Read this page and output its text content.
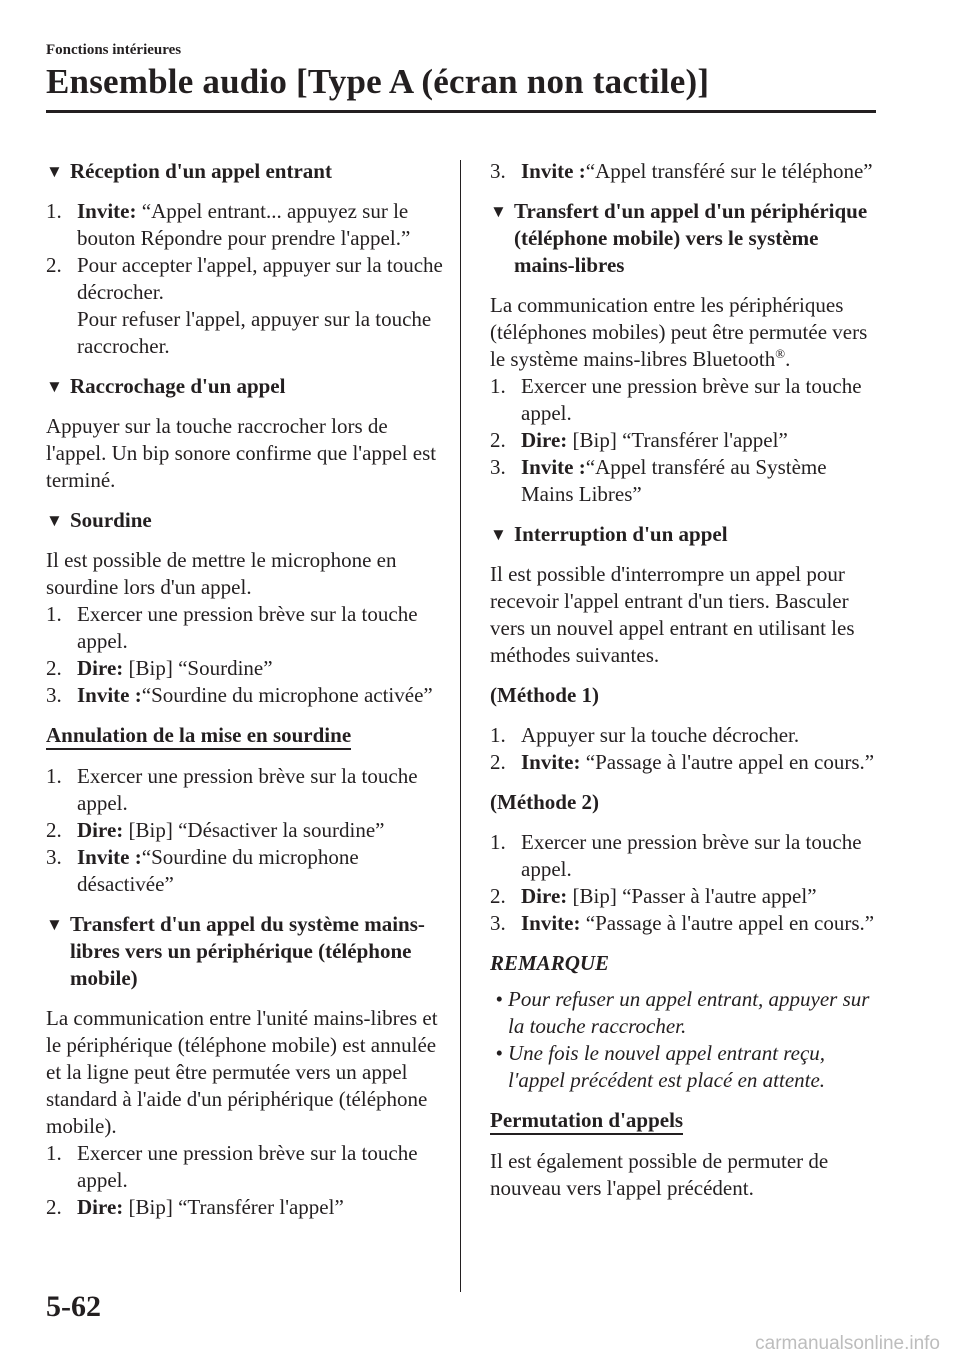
Fonctions intérieures
Ensemble audio [Type A (écran non tactile)]
▼ Réception d'un appel entrant
1. Invite: “Appel entrant... appuyez sur le bouton Répondre pour prendre l'appel.”
2. Pour accepter l'appel, appuyer sur la touche décrocher.
Pour refuser l'appel, appuyer sur la touche raccrocher.
▼ Raccrochage d'un appel

Appuyer sur la touche raccrocher lors de l'appel. Un bip sonore confirme que l'appel est terminé.

▼ Sourdine

Il est possible de mettre le microphone en sourdine lors d'un appel.

1. Exercer une pression brève sur la touche appel.
2. Dire: [Bip] “Sourdine”
3. Invite :“Sourdine du microphone activée”
Annulation de la mise en sourdine
1. Exercer une pression brève sur la touche appel.
2. Dire: [Bip] “Désactiver la sourdine”
3. Invite :“Sourdine du microphone désactivée”
▼ Transfert d'un appel du système mains-libres vers un périphérique (téléphone mobile)

La communication entre l'unité mains-libres et le périphérique (téléphone mobile) est annulée et la ligne peut être permutée vers un appel standard à l'aide d'un périphérique (téléphone mobile).

1. Exercer une pression brève sur la touche appel.
2. Dire: [Bip] “Transférer l'appel”
3. Invite :“Appel transféré sur le téléphone”
▼ Transfert d'un appel d'un périphérique (téléphone mobile) vers le système mains-libres

La communication entre les périphériques (téléphones mobiles) peut être permutée vers le système mains-libres Bluetooth®.

1. Exercer une pression brève sur la touche appel.
2. Dire: [Bip] “Transférer l'appel”
3. Invite :“Appel transféré au Système Mains Libres”
▼ Interruption d'un appel

Il est possible d'interrompre un appel pour recevoir l'appel entrant d'un tiers. Basculer vers un nouvel appel entrant en utilisant les méthodes suivantes.

(Méthode 1)
1. Appuyer sur la touche décrocher.
2. Invite: “Passage à l'autre appel en cours.”
(Méthode 2)
1. Exercer une pression brève sur la touche appel.
2. Dire: [Bip] “Passer à l'autre appel”
3. Invite: “Passage à l'autre appel en cours.”
REMARQUE
• Pour refuser un appel entrant, appuyer sur la touche raccrocher.
• Une fois le nouvel appel entrant reçu, l'appel précédent est placé en attente.
Permutation d'appels

Il est également possible de permuter de nouveau vers l'appel précédent.

5-62
carmanualsonline.info
